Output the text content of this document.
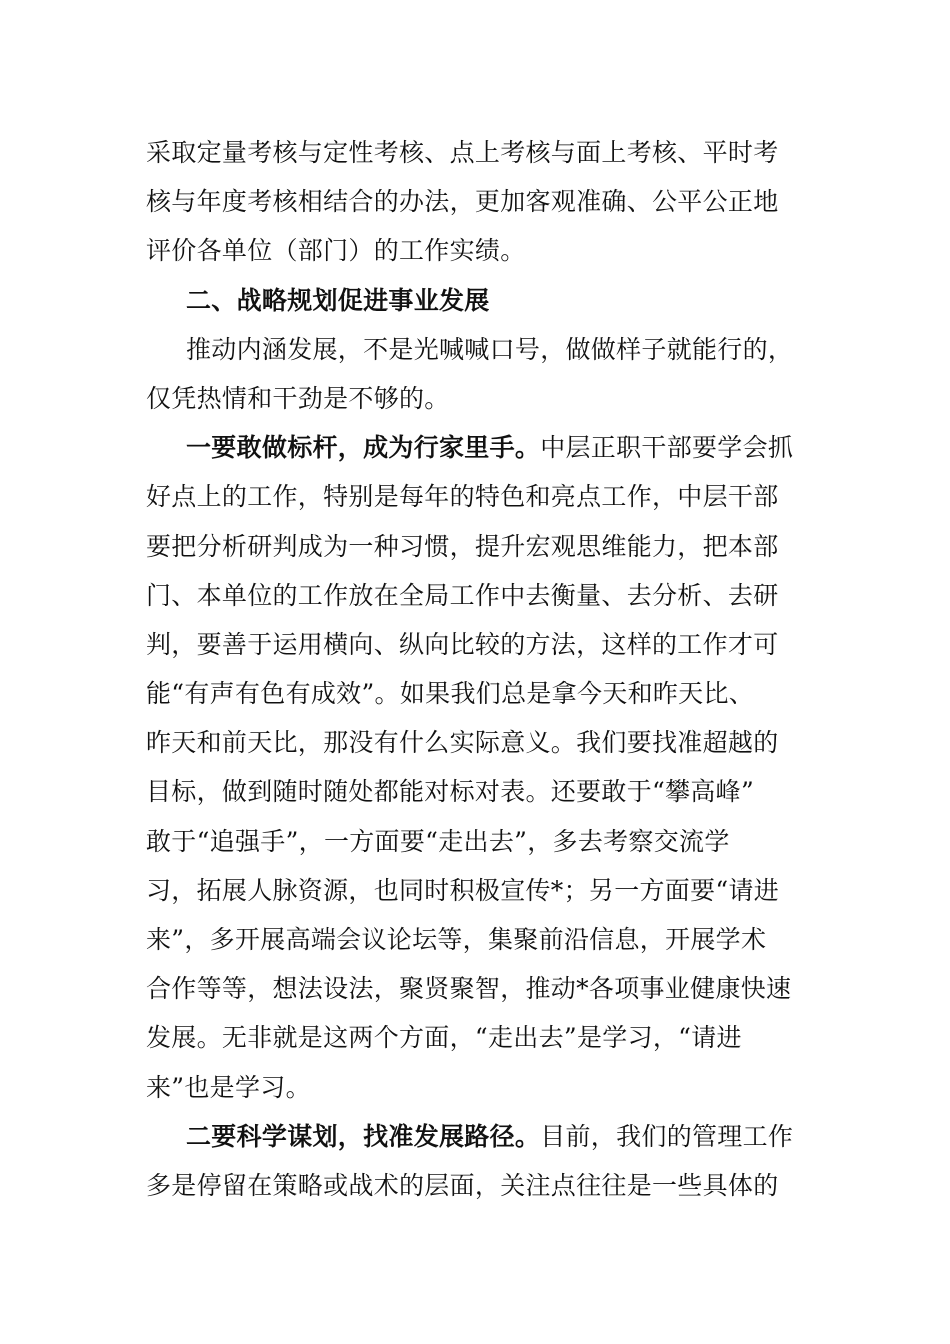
采取定量考核与定性考核、点上考核与面上考核、平时考
核与年度考核相结合的办法，更加客观准确、公平公正地
评价各单位（部门）的工作实绩。
二、战略规划促进事业发展
推动内涵发展，不是光喊喊口号，做做样子就能行的，
仅凭热情和干劲是不够的。
一要敢做标杆，成为行家里手。中层正职干部要学会抓
好点上的工作，特别是每年的特色和亮点工作，中层干部
要把分析研判成为一种习惯，提升宏观思维能力，把本部
门、本单位的工作放在全局工作中去衡量、去分析、去研
判，要善于运用横向、纵向比较的方法，这样的工作才可
能“有声有色有成效”。如果我们总是拿今天和昨天比、
昨天和前天比，那没有什么实际意义。我们要找准超越的
目标，做到随时随处都能对标对表。还要敢于“攀高峰”
敢于“追强手”，一方面要“走出去”，多去考察交流学
习，拓展人脉资源，也同时积极宣传*；另一方面要“请进
来”，多开展高端会议论坛等，集聚前沿信息，开展学术
合作等等，想法设法，聚贤聚智，推动*各项事业健康快速
发展。无非就是这两个方面，“走出去”是学习，“请进
来”也是学习。
二要科学谋划，找准发展路径。目前，我们的管理工作
多是停留在策略或战术的层面，关注点往往是一些具体的
